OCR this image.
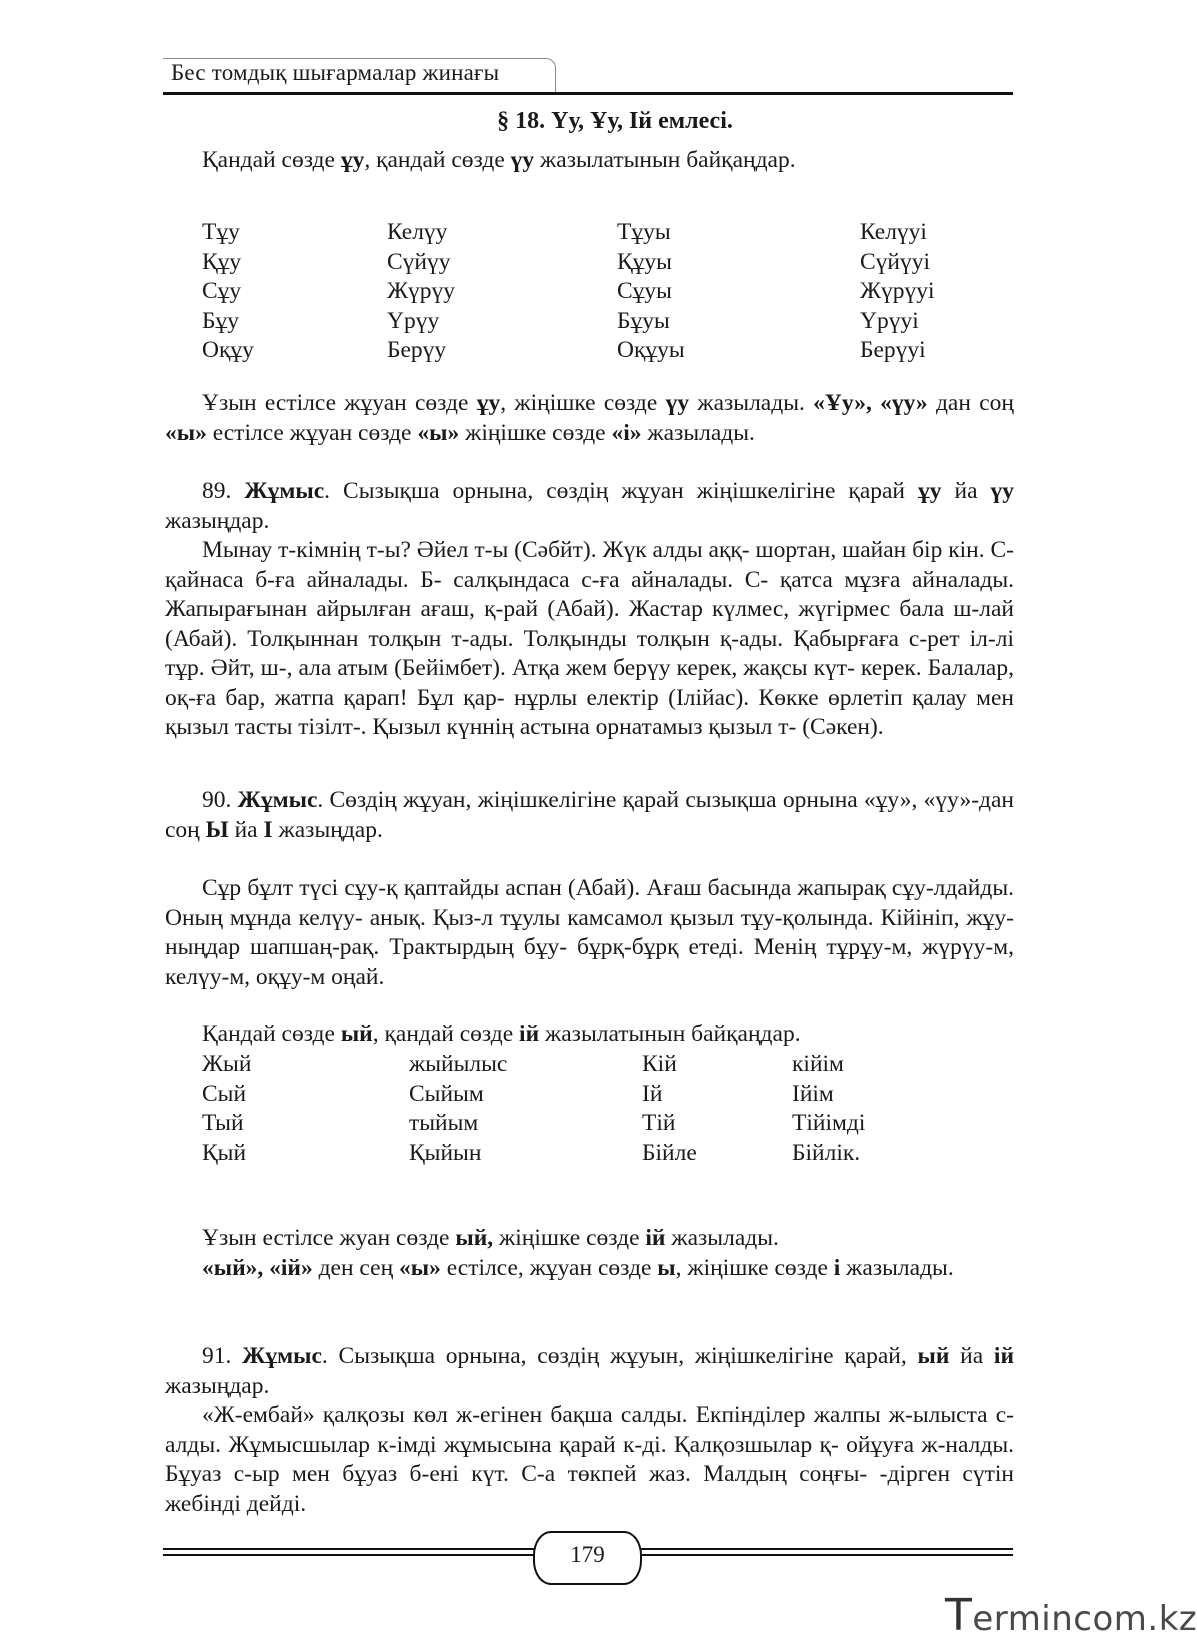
Бес томдық шығармалар жинағы
§ 18. Үу, Ұу, Ій емлесі.

Қандай сөзде ұу, қандай сөзде үу жазылатынын байқаңдар.

Тұу	Келүу	Тұуы	Келүуі
Құу	Сүйүу	Құуы	Сүйүуі
Сұу	Жүрүу	Сұуы	Жүрүуі
Бұу	Үрүу	Бұуы	Үрүуі
Оқұу	Берүу	Оқұуы	Берүуі

Ұзын естілсе жұуан сөзде ұу, жіңішке сөзде үу жазылады. «Ұу», «үу» дан соң «ы» естілсе жұуан сөзде «ы» жіңішке сөзде «і» жазылады.

89. Жұмыс. Сызықша орнына, сөздің жұуан жіңішкелігіне қарай ұу йа үу жазыңдар.

Мынау т-кімнің т-ы? Әйел т-ы (Сәбйт). Жүк алды аққ- шортан, шайан бір кін. С- қайнаса б-ға айналады. Б- салқындаса с-ға айналады. С- қатса мұзға айналады. Жапырағынан айрылған ағаш, қ-рай (Абай). Жастар күлмес, жүгірмес бала ш-лай (Абай). Толқыннан толқын т-ады. Толқынды толқын қ-ады. Қабырғаға с-рет іл-лі тұр. Әйт, ш-, ала атым (Бейімбет). Атқа жем берүу керек, жақсы күт- керек. Балалар, оқ-ға бар, жатпа қарап! Бұл қар- нұрлы електір (Ілійас). Көкке өрлетіп қалау мен қызыл тасты тізілт-. Қызыл күннің астына орнатамыз қызыл т- (Сәкен).

90. Жұмыс. Сөздің жұуан, жіңішкелігіне қарай сызықша орнына «ұу», «үу»-дан соң Ы йа І жазыңдар.

Сұр бұлт түсі сұу-қ қаптайды аспан (Абай). Ағаш басында жапырақ сұу-лдайды. Оның мұнда келүу- анық. Қыз-л тұулы камсамол қызыл тұу-қолында. Кійініп, жұу-ныңдар шапшаң-рақ. Трактырдың бұу- бұрқ-бұрқ етеді. Менің тұрұу-м, жүрүу-м, келүу-м, оқұу-м оңай.

Қандай сөзде ый, қандай сөзде ій жазылатынын байқаңдар.

Жый	жыйылыс	Кій	кійім
Сый	Сыйым	Ій	Ійім
Тый	тыйым	Тій	Тійімді
Қый	Қыйын	Бійле	Бійлік.

Ұзын естілсе жуан сөзде ый, жіңішке сөзде ій жазылады.

«ый», «ій» ден сең «ы» естілсе, жұуан сөзде ы, жіңішке сөзде і жазылады.

91. Жұмыс. Сызықша орнына, сөздің жұуын, жіңішкелігіне қарай, ый йа ій жазыңдар.

«Ж-ембай» қалқозы көл ж-егінен бақша салды. Екпінділер жалпы ж-ылыста с-алды. Жұмысшылар к-імді жұмысына қарай к-ді. Қалқозшылар қ- ойұуға ж-налды. Бұуаз с-ыр мен бұуаз б-ені күт. С-а төкпей жаз. Малдың соңғы- -дірген сүтін жебінді дейді.

179
Termincom.kz
